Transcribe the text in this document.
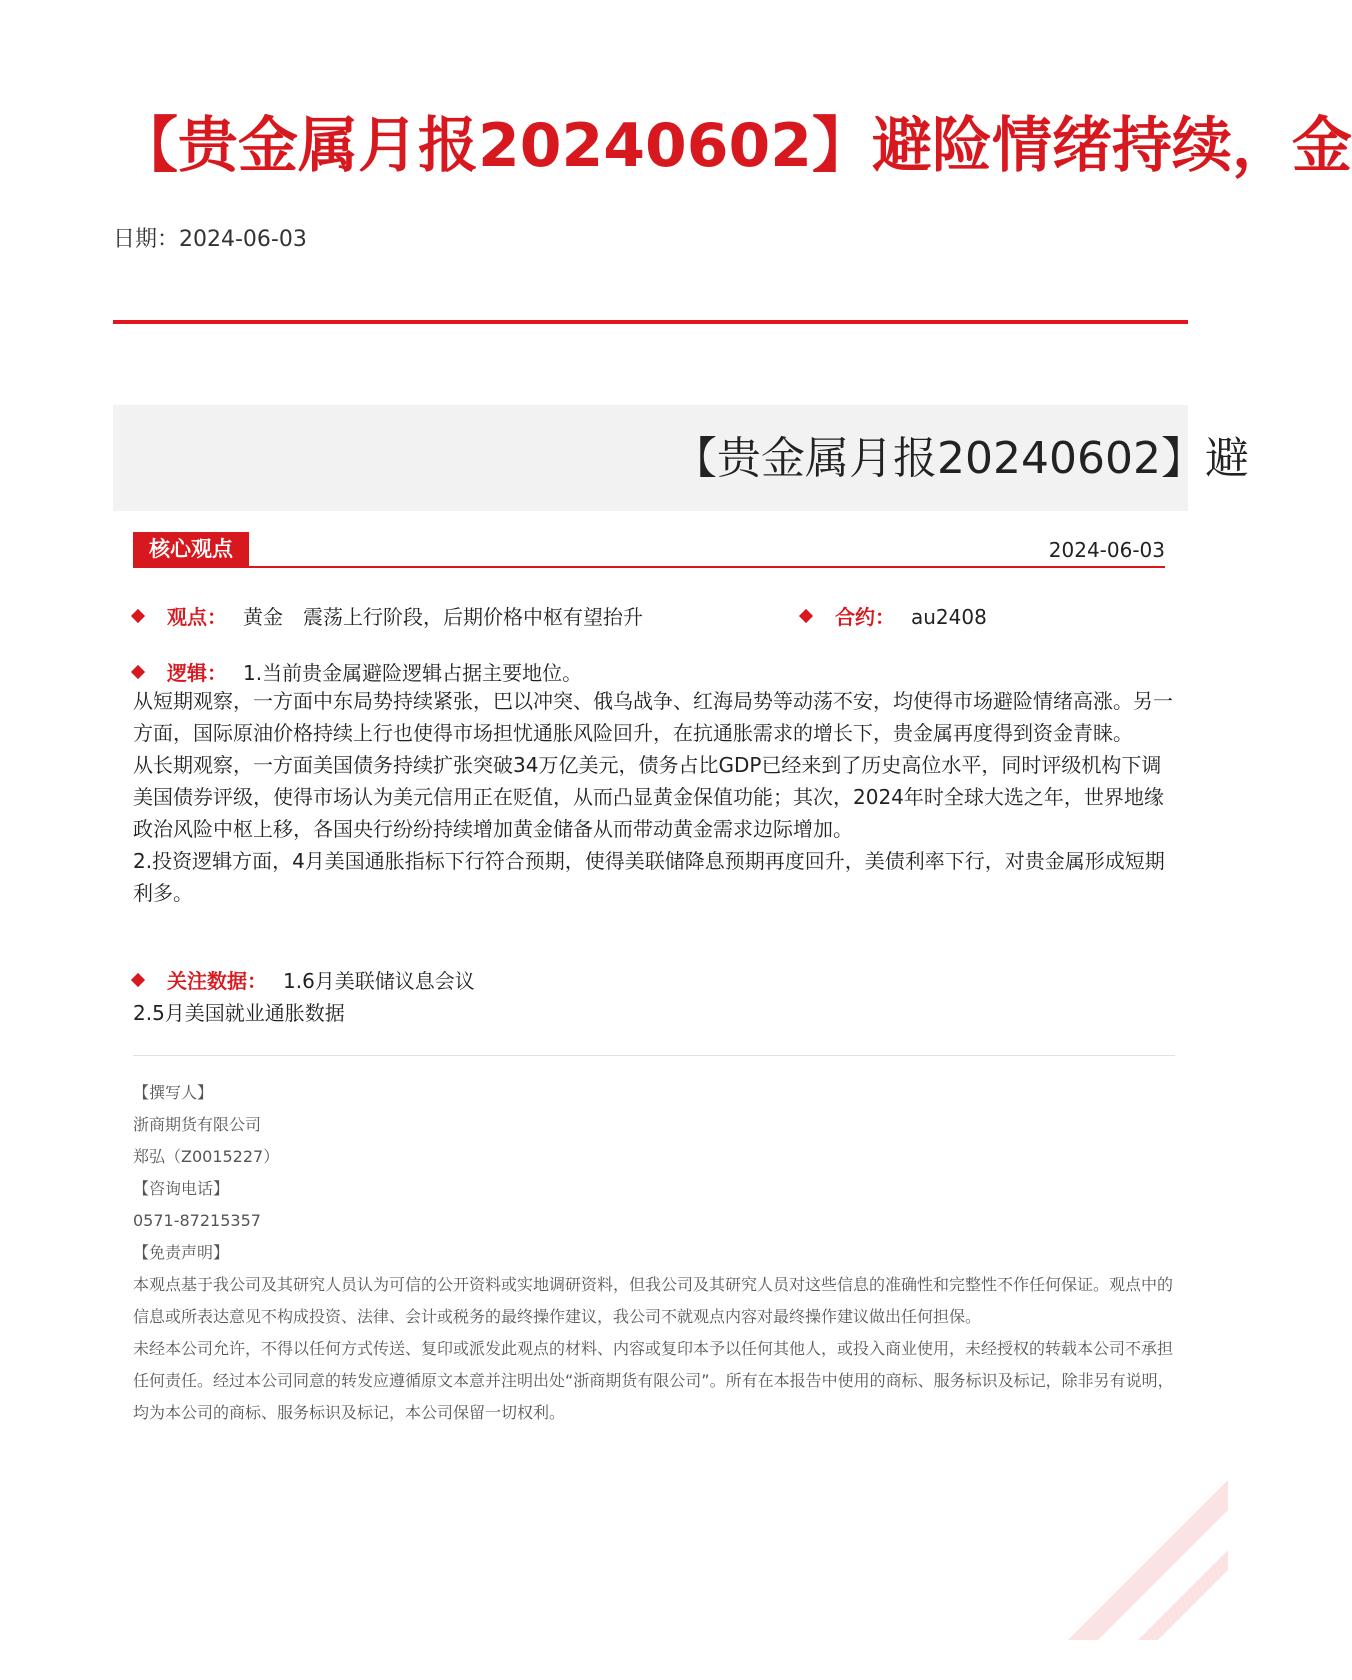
【贵金属月报20240602】避险情绪持续，金
日期：2024-06-03
【贵金属月报20240602】避
核心观点	2024-06-03
观点： 黄金　震荡上行阶段，后期价格中枢有望抬升	合约： au2408
逻辑： 1.当前贵金属避险逻辑占据主要地位。

从短期观察，一方面中东局势持续紧张，巴以冲突、俄乌战争、红海局势等动荡不安，均使得市场避险情绪高涨。另一方面，国际原油价格持续上行也使得市场担忧通胀风险回升，在抗通胀需求的增长下，贵金属再度得到资金青睐。

从长期观察，一方面美国债务持续扩张突破34万亿美元，债务占比GDP已经来到了历史高位水平，同时评级机构下调美国债券评级，使得市场认为美元信用正在贬值，从而凸显黄金保值功能；其次，2024年时全球大选之年，世界地缘政治风险中枢上移，各国央行纷纷持续增加黄金储备从而带动黄金需求边际增加。

2.投资逻辑方面，4月美国通胀指标下行符合预期，使得美联储降息预期再度回升，美债利率下行，对贵金属形成短期利多。

关注数据： 1.6月美联储议息会议
2.5月美国就业通胀数据

【撰写人】

浙商期货有限公司

郑弘（Z0015227）

【咨询电话】

0571-87215357

【免责声明】

本观点基于我公司及其研究人员认为可信的公开资料或实地调研资料，但我公司及其研究人员对这些信息的准确性和完整性不作任何保证。观点中的信息或所表达意见不构成投资、法律、会计或税务的最终操作建议，我公司不就观点内容对最终操作建议做出任何担保。

未经本公司允许，不得以任何方式传送、复印或派发此观点的材料、内容或复印本予以任何其他人，或投入商业使用，未经授权的转载本公司不承担任何责任。经过本公司同意的转发应遵循原文本意并注明出处“浙商期货有限公司”。所有在本报告中使用的商标、服务标识及标记，除非另有说明，均为本公司的商标、服务标识及标记，本公司保留一切权利。
